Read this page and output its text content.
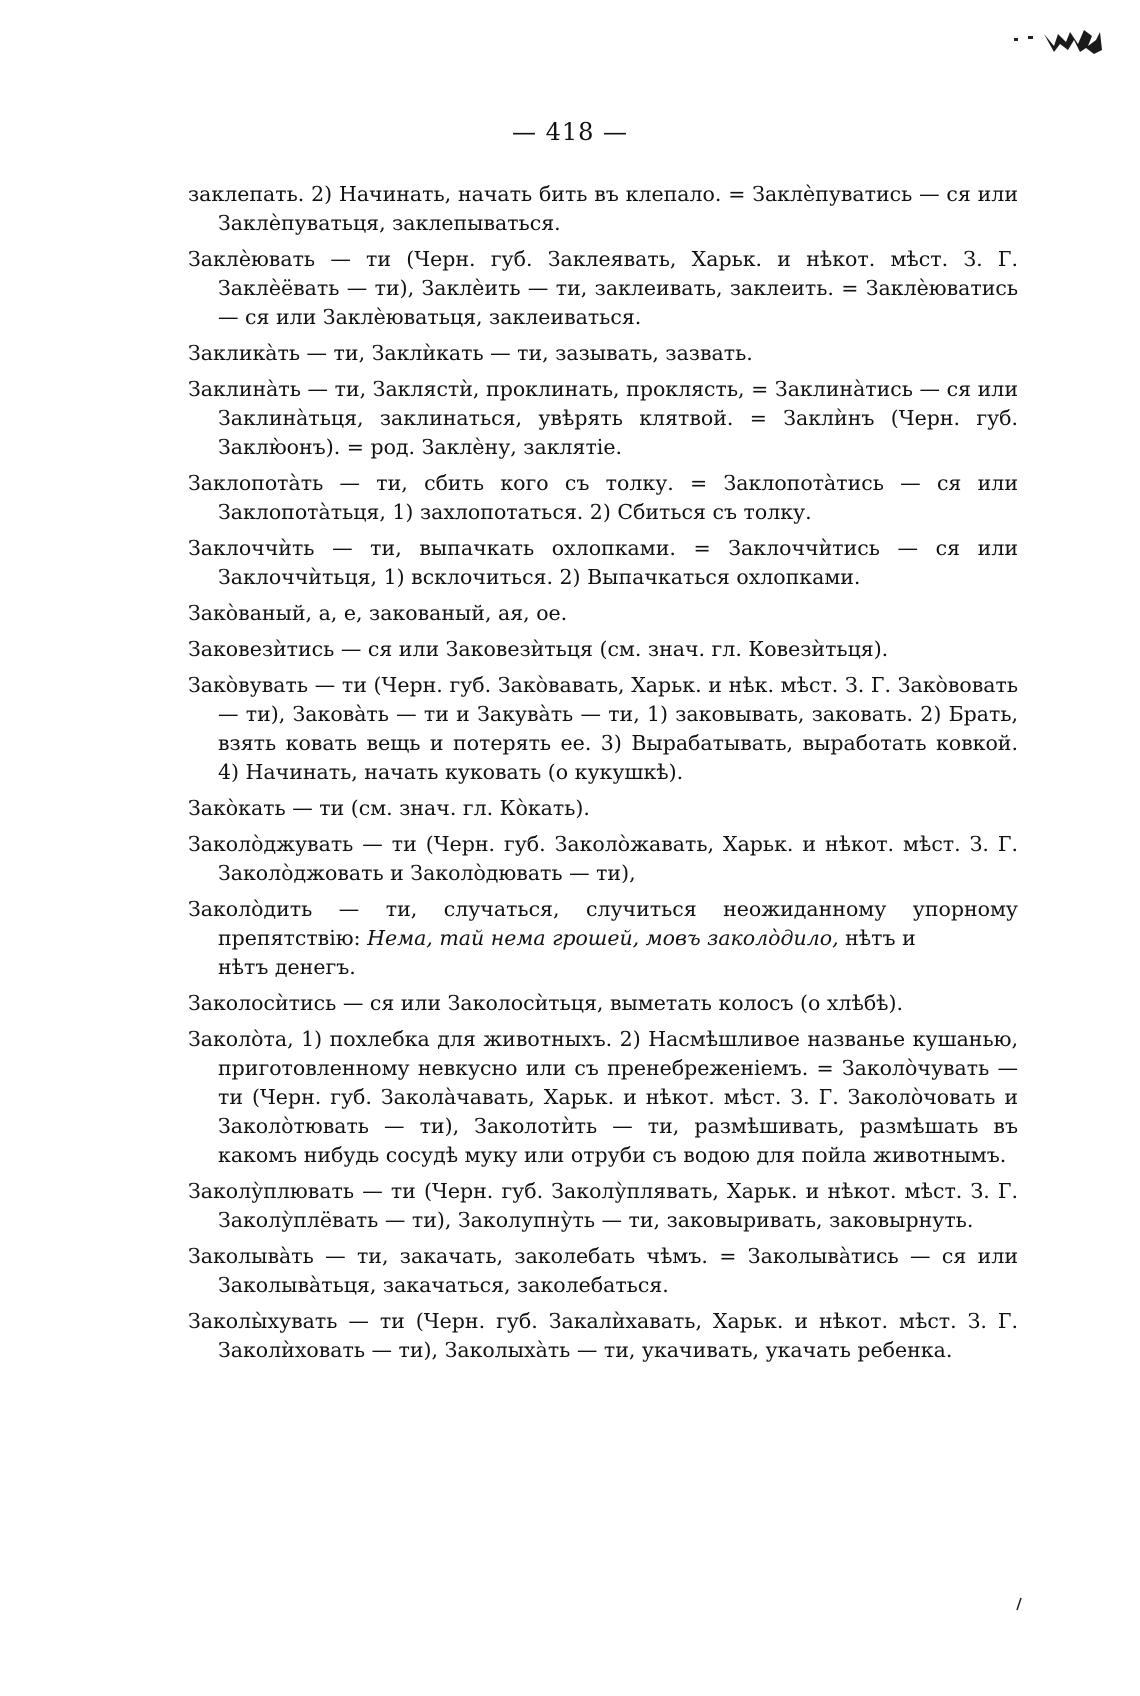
— 418 —

заклепать. 2) Начинать, начать бить въ клепало. = Заклѐпуватись — ся или Заклѐпуватьця, заклепываться.

Заклѐювать — ти (Черн. губ. Заклеявать, Харьк. и нѣкот. мѣст. З. Г. Заклѐёвать — ти), Заклѐить — ти, заклеивать, заклеить. = Заклѐюватись — ся или Заклѐюватьця, заклеиваться.

Закликàть — ти, Заклѝкать — ти, зазывать, зазвать.

Заклинàть — ти, Заклястѝ, проклинать, проклясть, = Заклинàтись — ся или Заклинàтьця, заклинаться, увѣрять клятвой. = Заклѝнъ (Черн. губ. Заклю̀онъ). = род. Заклѐну, заклятіе.

Заклопотàть — ти, сбить кого съ толку. = Заклопотàтись — ся или Заклопотàтьця, 1) захлопотаться. 2) Сбиться съ толку.

Заклоччѝть — ти, выпачкать охлопками. = Заклоччѝтись — ся или Заклоччѝтьця, 1) всклочиться. 2) Выпачкаться охлопками.

Закòваный, а, е, закованый, ая, ое.

Заковезѝтись — ся или Заковезѝтьця (см. знач. гл. Ковезѝтьця).

Закòвувать — ти (Черн. губ. Закòвавать, Харьк. и нѣк. мѣст. З. Г. Закòвовать — ти), Заковàть — ти и Закувàть — ти, 1) заковывать, заковать. 2) Брать, взять ковать вещь и потерять ее. 3) Вырабатывать, выработать ковкой. 4) Начинать, начать куковать (о кукушкѣ).

Закòкать — ти (см. знач. гл. Кòкать).

Заколòджувать — ти (Черн. губ. Заколòжавать, Харьк. и нѣкот. мѣст. З. Г. Заколòджовать и Заколòдювать — ти),

Заколòдить — ти, случаться, случиться неожиданному упорному препятствію: Нема, тай нема грошей, мовъ заколòдило, нѣтъ и

нѣтъ денегъ.

Заколосѝтись — ся или Заколосѝтьця, выметать колосъ (о хлѣбѣ).

Заколòта, 1) похлебка для животныхъ. 2) Насмѣшливое названье кушанью, приготовленному невкусно или съ пренебреженіемъ. = Заколòчувать — ти (Черн. губ. Заколàчавать, Харьк. и нѣкот. мѣст. З. Г. Заколòчовать и Заколòтювать — ти), Заколотѝть — ти, размѣшивать, размѣшать въ какомъ нибудь сосудѣ муку или отруби съ водою для пойла животнымъ.

Заколу̀плювать — ти (Черн. губ. Заколу̀плявать, Харьк. и нѣкот. мѣст. З. Г. Заколу̀плёвать — ти), Заколупну̀ть — ти, заковыривать, заковырнуть.

Заколывàть — ти, закачать, заколебать чѣмъ. = Заколывàтись — ся или Заколывàтьця, закачаться, заколебаться.

Заколы̀хувать — ти (Черн. губ. Закалѝхавать, Харьк. и нѣкот. мѣст. З. Г. Заколѝховать — ти), Заколыхàть — ти, укачивать, укачать ребенка.
